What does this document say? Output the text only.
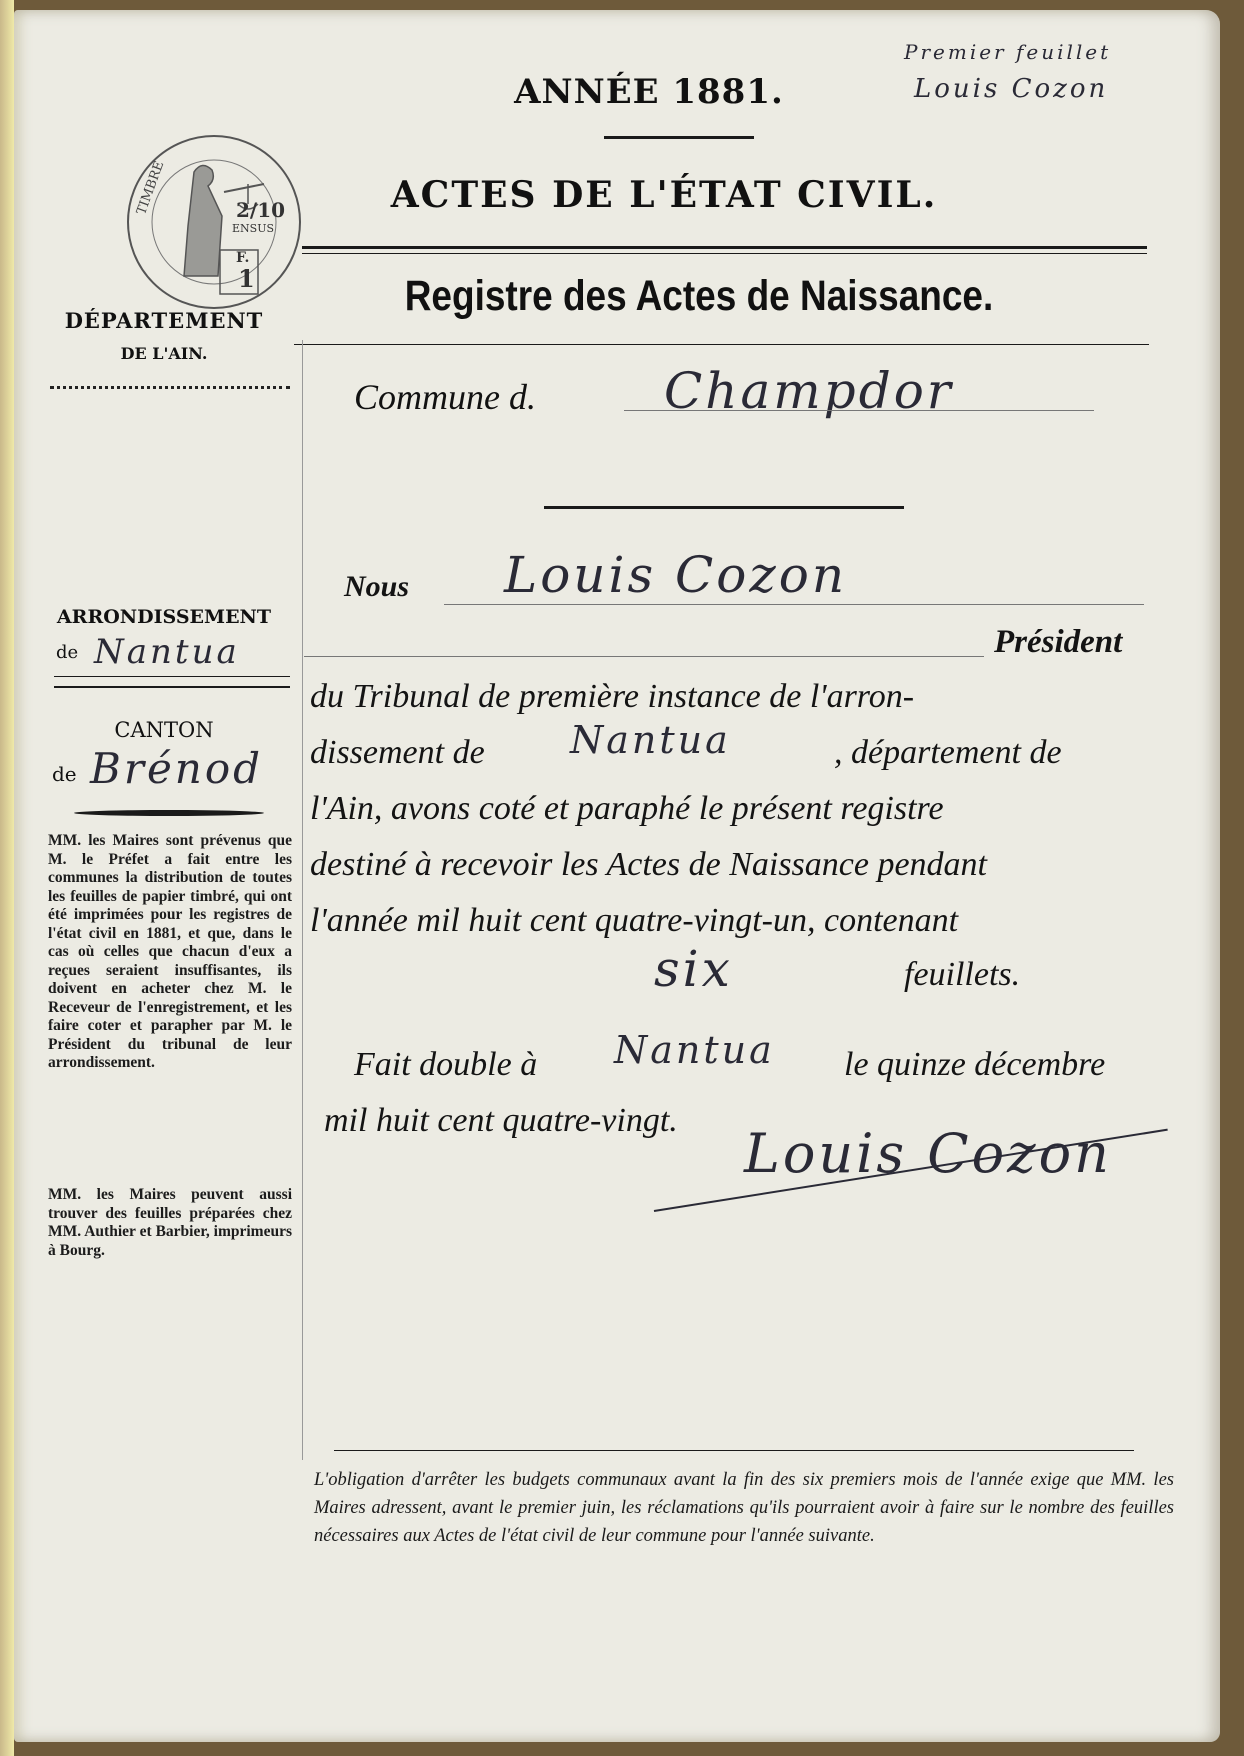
TIMBRE	2/10
ENSUS
F.
1
ANNÉE 1881.
ACTES DE L'ÉTAT CIVIL.
Registre des Actes de Naissance.
Premier feuillet
Louis Cozon
DÉPARTEMENT
DE L'AIN.
ARRONDISSEMENT
de Nantua
CANTON
de Brénod
MM. les Maires sont prévenus que M. le Préfet a fait entre les communes la distribution de toutes les feuilles de papier timbré, qui ont été imprimées pour les registres de l'état civil en 1881, et que, dans le cas où celles que chacun d'eux a reçues seraient insuffisantes, ils doivent en acheter chez M. le Receveur de l'enregistrement, et les faire coter et parapher par M. le Président du tribunal de leur arrondissement.
MM. les Maires peuvent aussi trouver des feuilles préparées chez MM. Authier et Barbier, imprimeurs à Bourg.
Commune d.	Champdor
Nous Louis Cozon
Président
du Tribunal de première instance de l'arron-
dissement de Nantua	, département de
l'Ain, avons coté et paraphé le présent registre
destiné à recevoir les Actes de Naissance pendant
l'année mil huit cent quatre-vingt-un, contenant
six	feuillets.
Fait double à Nantua le quinze décembre
mil huit cent quatre-vingt.
Louis Cozon
L'obligation d'arrêter les budgets communaux avant la fin des six premiers mois de l'année exige que MM. les Maires adressent, avant le premier juin, les réclamations qu'ils pourraient avoir à faire sur le nombre des feuilles nécessaires aux Actes de l'état civil de leur commune pour l'année suivante.
